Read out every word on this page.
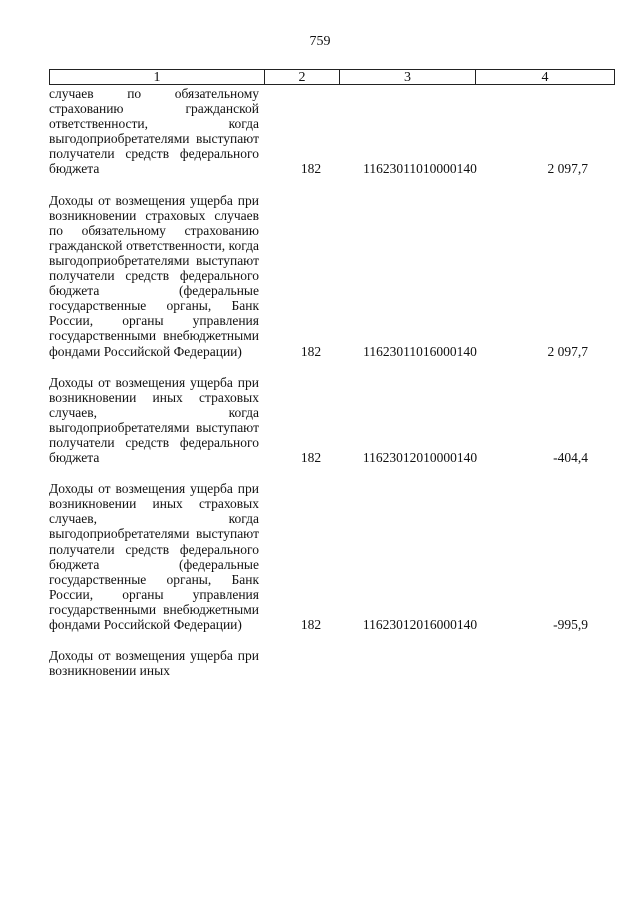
759
1	2	3	4
случаев по обязательному страхованию гражданской ответственности, когда выгодоприобретателями выступают получатели средств федерального бюджета	182	11623011010000140	2 097,7
Доходы от возмещения ущерба при возникновении страховых случаев по обязательному страхованию гражданской ответственности, когда выгодоприобретателями выступают получатели средств федерального бюджета (федеральные государственные органы, Банк России, органы управления государственными внебюджетными фондами Российской Федерации)	182	11623011016000140	2 097,7
Доходы от возмещения ущерба при возникновении иных страховых случаев, когда выгодоприобретателями выступают получатели средств федерального бюджета	182	11623012010000140	-404,4
Доходы от возмещения ущерба при возникновении иных страховых случаев, когда выгодоприобретателями выступают получатели средств федерального бюджета (федеральные государственные органы, Банк России, органы управления государственными внебюджетными фондами Российской Федерации)	182	11623012016000140	-995,9
Доходы от возмещения ущерба при возникновении иных
